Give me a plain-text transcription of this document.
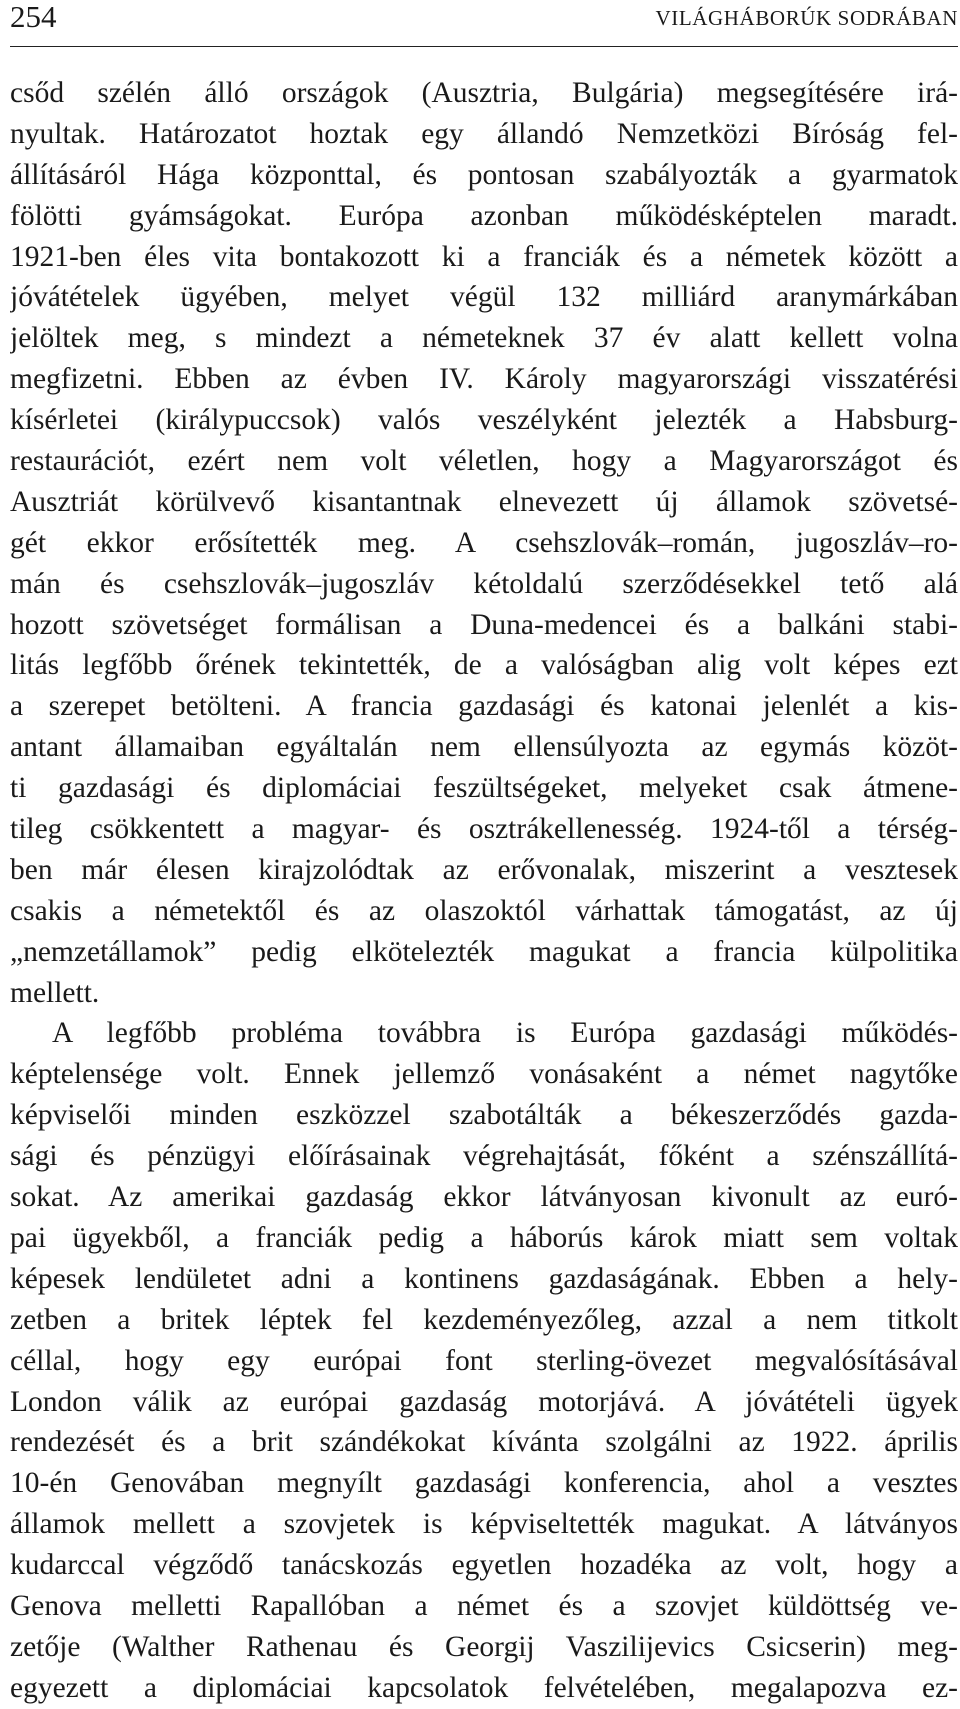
254	VILÁGHÁBORÚK SODRÁBAN
csőd szélén álló országok (Ausztria, Bulgária) megsegítésére irá-
nyultak. Határozatot hoztak egy állandó Nemzetközi Bíróság fel-
állításáról Hága központtal, és pontosan szabályozták a gyarmatok
fölötti gyámságokat. Európa azonban működésképtelen maradt.
1921-ben éles vita bontakozott ki a franciák és a németek között a
jóvátételek ügyében, melyet végül 132 milliárd aranymárkában
jelöltek meg, s mindezt a németeknek 37 év alatt kellett volna
megfizetni. Ebben az évben IV. Károly magyarországi visszatérési
kísérletei (királypuccsok) valós veszélyként jelezték a Habsburg-
restaurációt, ezért nem volt véletlen, hogy a Magyarországot és
Ausztriát körülvevő kisantantnak elnevezett új államok szövetsé-
gét ekkor erősítették meg. A csehszlovák–román, jugoszláv–ro-
mán és csehszlovák–jugoszláv kétoldalú szerződésekkel tető alá
hozott szövetséget formálisan a Duna-medencei és a balkáni stabi-
litás legfőbb őrének tekintették, de a valóságban alig volt képes ezt
a szerepet betölteni. A francia gazdasági és katonai jelenlét a kis-
antant államaiban egyáltalán nem ellensúlyozta az egymás közöt-
ti gazdasági és diplomáciai feszültségeket, melyeket csak átmene-
tileg csökkentett a magyar- és osztrákellenesség. 1924-től a térség-
ben már élesen kirajzolódtak az erővonalak, miszerint a vesztesek
csakis a németektől és az olaszoktól várhattak támogatást, az új
„nemzetállamok” pedig elkötelezték magukat a francia külpolitika
mellett.
A legfőbb probléma továbbra is Európa gazdasági működés-
képtelensége volt. Ennek jellemző vonásaként a német nagytőke
képviselői minden eszközzel szabotálták a békeszerződés gazda-
sági és pénzügyi előírásainak végrehajtását, főként a szénszállítá-
sokat. Az amerikai gazdaság ekkor látványosan kivonult az euró-
pai ügyekből, a franciák pedig a háborús károk miatt sem voltak
képesek lendületet adni a kontinens gazdaságának. Ebben a hely-
zetben a britek léptek fel kezdeményezőleg, azzal a nem titkolt
céllal, hogy egy európai font sterling-övezet megvalósításával
London válik az európai gazdaság motorjává. A jóvátételi ügyek
rendezését és a brit szándékokat kívánta szolgálni az 1922. április
10-én Genovában megnyílt gazdasági konferencia, ahol a vesztes
államok mellett a szovjetek is képviseltették magukat. A látványos
kudarccal végződő tanácskozás egyetlen hozadéka az volt, hogy a
Genova melletti Rapallóban a német és a szovjet küldöttség ve-
zetője (Walther Rathenau és Georgij Vaszilijevics Csicserin) meg-
egyezett a diplomáciai kapcsolatok felvételében, megalapozva ez-
